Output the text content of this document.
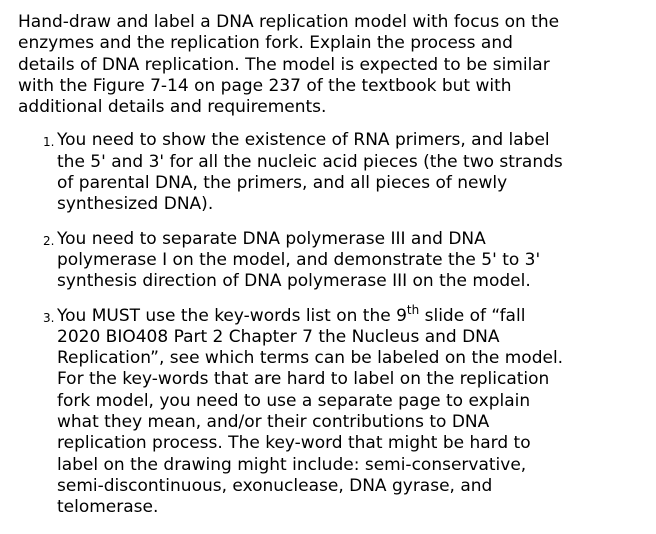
Hand-draw and label a DNA replication model with focus on the
enzymes and the replication fork. Explain the process and
details of DNA replication. The model is expected to be similar
with the Figure 7-14 on page 237 of the textbook but with
additional details and requirements.

1. You need to show the existence of RNA primers, and label
the 5' and 3' for all the nucleic acid pieces (the two strands
of parental DNA, the primers, and all pieces of newly
synthesized DNA).
2. You need to separate DNA polymerase III and DNA
polymerase I on the model, and demonstrate the 5' to 3'
synthesis direction of DNA polymerase III on the model.
3. You MUST use the key-words list on the 9th slide of “fall
2020 BIO408 Part 2 Chapter 7 the Nucleus and DNA
Replication”, see which terms can be labeled on the model.
For the key-words that are hard to label on the replication
fork model, you need to use a separate page to explain
what they mean, and/or their contributions to DNA
replication process. The key-word that might be hard to
label on the drawing might include: semi-conservative,
semi-discontinuous, exonuclease, DNA gyrase, and
telomerase.
